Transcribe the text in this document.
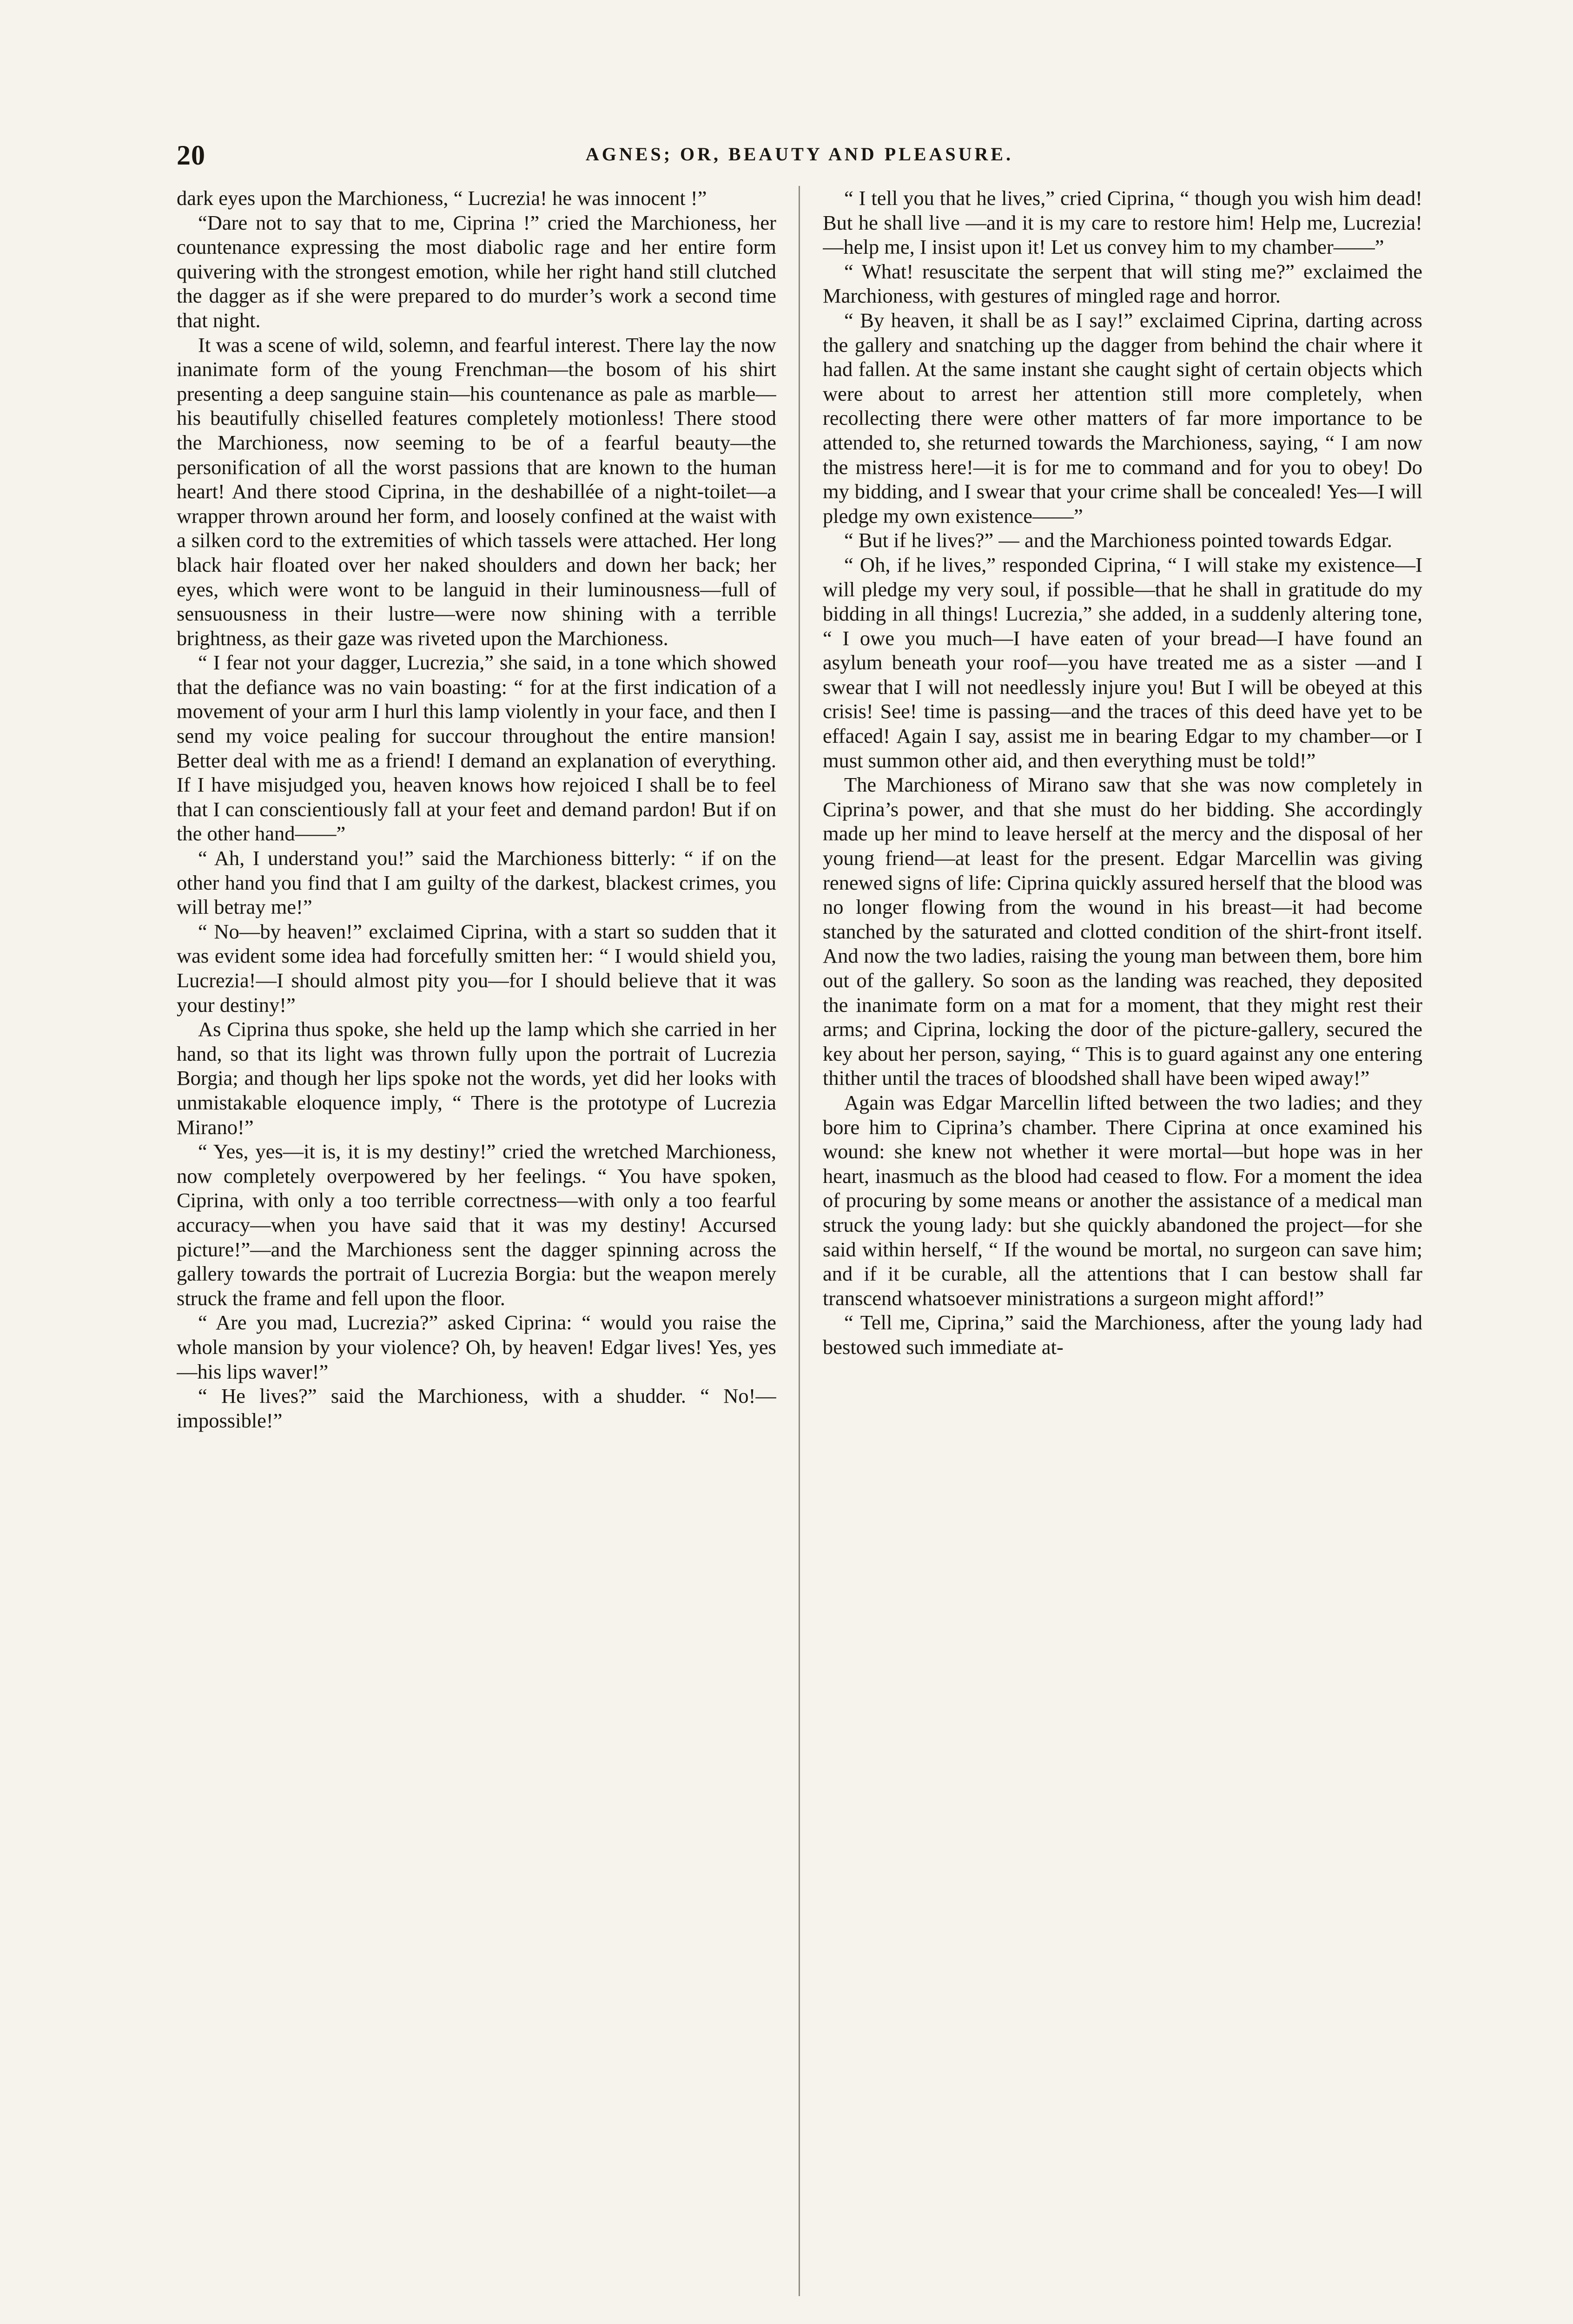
20	AGNES; OR, BEAUTY AND PLEASURE.

dark eyes upon the Marchioness, “ Lucrezia! he was innocent !”

“Dare not to say that to me, Ciprina !” cried the Marchioness, her countenance expressing the most diabolic rage and her entire form quivering with the strongest emotion, while her right hand still clutched the dagger as if she were prepared to do murder’s work a second time that night.

It was a scene of wild, solemn, and fearful interest. There lay the now inanimate form of the young Frenchman—the bosom of his shirt presenting a deep sanguine stain—his countenance as pale as marble—his beautifully chiselled features completely motionless! There stood the Marchioness, now seeming to be of a fearful beauty—the personification of all the worst passions that are known to the human heart! And there stood Ciprina, in the deshabillée of a night-toilet—a wrapper thrown around her form, and loosely confined at the waist with a silken cord to the extremities of which tassels were attached. Her long black hair floated over her naked shoulders and down her back; her eyes, which were wont to be languid in their luminousness—full of sensuousness in their lustre—were now shining with a terrible brightness, as their gaze was riveted upon the Marchioness.

“ I fear not your dagger, Lucrezia,” she said, in a tone which showed that the defiance was no vain boasting: “ for at the first indication of a movement of your arm I hurl this lamp violently in your face, and then I send my voice pealing for succour throughout the entire mansion! Better deal with me as a friend! I demand an explanation of everything. If I have misjudged you, heaven knows how rejoiced I shall be to feel that I can conscientiously fall at your feet and demand pardon! But if on the other hand——”

“ Ah, I understand you!” said the Marchioness bitterly: “ if on the other hand you find that I am guilty of the darkest, blackest crimes, you will betray me!”

“ No—by heaven!” exclaimed Ciprina, with a start so sudden that it was evident some idea had forcefully smitten her: “ I would shield you, Lucrezia!—I should almost pity you—for I should believe that it was your destiny!”

As Ciprina thus spoke, she held up the lamp which she carried in her hand, so that its light was thrown fully upon the portrait of Lucrezia Borgia; and though her lips spoke not the words, yet did her looks with unmistakable eloquence imply, “ There is the prototype of Lucrezia Mirano!”

“ Yes, yes—it is, it is my destiny!” cried the wretched Marchioness, now completely overpowered by her feelings. “ You have spoken, Ciprina, with only a too terrible correctness—with only a too fearful accuracy—when you have said that it was my destiny! Accursed picture!”—and the Marchioness sent the dagger spinning across the gallery towards the portrait of Lucrezia Borgia: but the weapon merely struck the frame and fell upon the floor.

“ Are you mad, Lucrezia?” asked Ciprina: “ would you raise the whole mansion by your violence? Oh, by heaven! Edgar lives! Yes, yes—his lips waver!”

“ He lives?” said the Marchioness, with a shudder. “ No!—impossible!”

“ I tell you that he lives,” cried Ciprina, “ though you wish him dead! But he shall live —and it is my care to restore him! Help me, Lucrezia!—help me, I insist upon it! Let us convey him to my chamber——”

“ What! resuscitate the serpent that will sting me?” exclaimed the Marchioness, with gestures of mingled rage and horror.

“ By heaven, it shall be as I say!” exclaimed Ciprina, darting across the gallery and snatching up the dagger from behind the chair where it had fallen. At the same instant she caught sight of certain objects which were about to arrest her attention still more completely, when recollecting there were other matters of far more importance to be attended to, she returned towards the Marchioness, saying, “ I am now the mistress here!—it is for me to command and for you to obey! Do my bidding, and I swear that your crime shall be concealed! Yes—I will pledge my own existence——”

“ But if he lives?” — and the Marchioness pointed towards Edgar.

“ Oh, if he lives,” responded Ciprina, “ I will stake my existence—I will pledge my very soul, if possible—that he shall in gratitude do my bidding in all things! Lucrezia,” she added, in a suddenly altering tone, “ I owe you much—I have eaten of your bread—I have found an asylum beneath your roof—you have treated me as a sister —and I swear that I will not needlessly injure you! But I will be obeyed at this crisis! See! time is passing—and the traces of this deed have yet to be effaced! Again I say, assist me in bearing Edgar to my chamber—or I must summon other aid, and then everything must be told!”

The Marchioness of Mirano saw that she was now completely in Ciprina’s power, and that she must do her bidding. She accordingly made up her mind to leave herself at the mercy and the disposal of her young friend—at least for the present. Edgar Marcellin was giving renewed signs of life: Ciprina quickly assured herself that the blood was no longer flowing from the wound in his breast—it had become stanched by the saturated and clotted condition of the shirt-front itself. And now the two ladies, raising the young man between them, bore him out of the gallery. So soon as the landing was reached, they deposited the inanimate form on a mat for a moment, that they might rest their arms; and Ciprina, locking the door of the picture-gallery, secured the key about her person, saying, “ This is to guard against any one entering thither until the traces of bloodshed shall have been wiped away!”

Again was Edgar Marcellin lifted between the two ladies; and they bore him to Ciprina’s chamber. There Ciprina at once examined his wound: she knew not whether it were mortal—but hope was in her heart, inasmuch as the blood had ceased to flow. For a moment the idea of procuring by some means or another the assistance of a medical man struck the young lady: but she quickly abandoned the project—for she said within herself, “ If the wound be mortal, no surgeon can save him; and if it be curable, all the attentions that I can bestow shall far transcend whatsoever ministrations a surgeon might afford!”

“ Tell me, Ciprina,” said the Marchioness, after the young lady had bestowed such immediate at-
